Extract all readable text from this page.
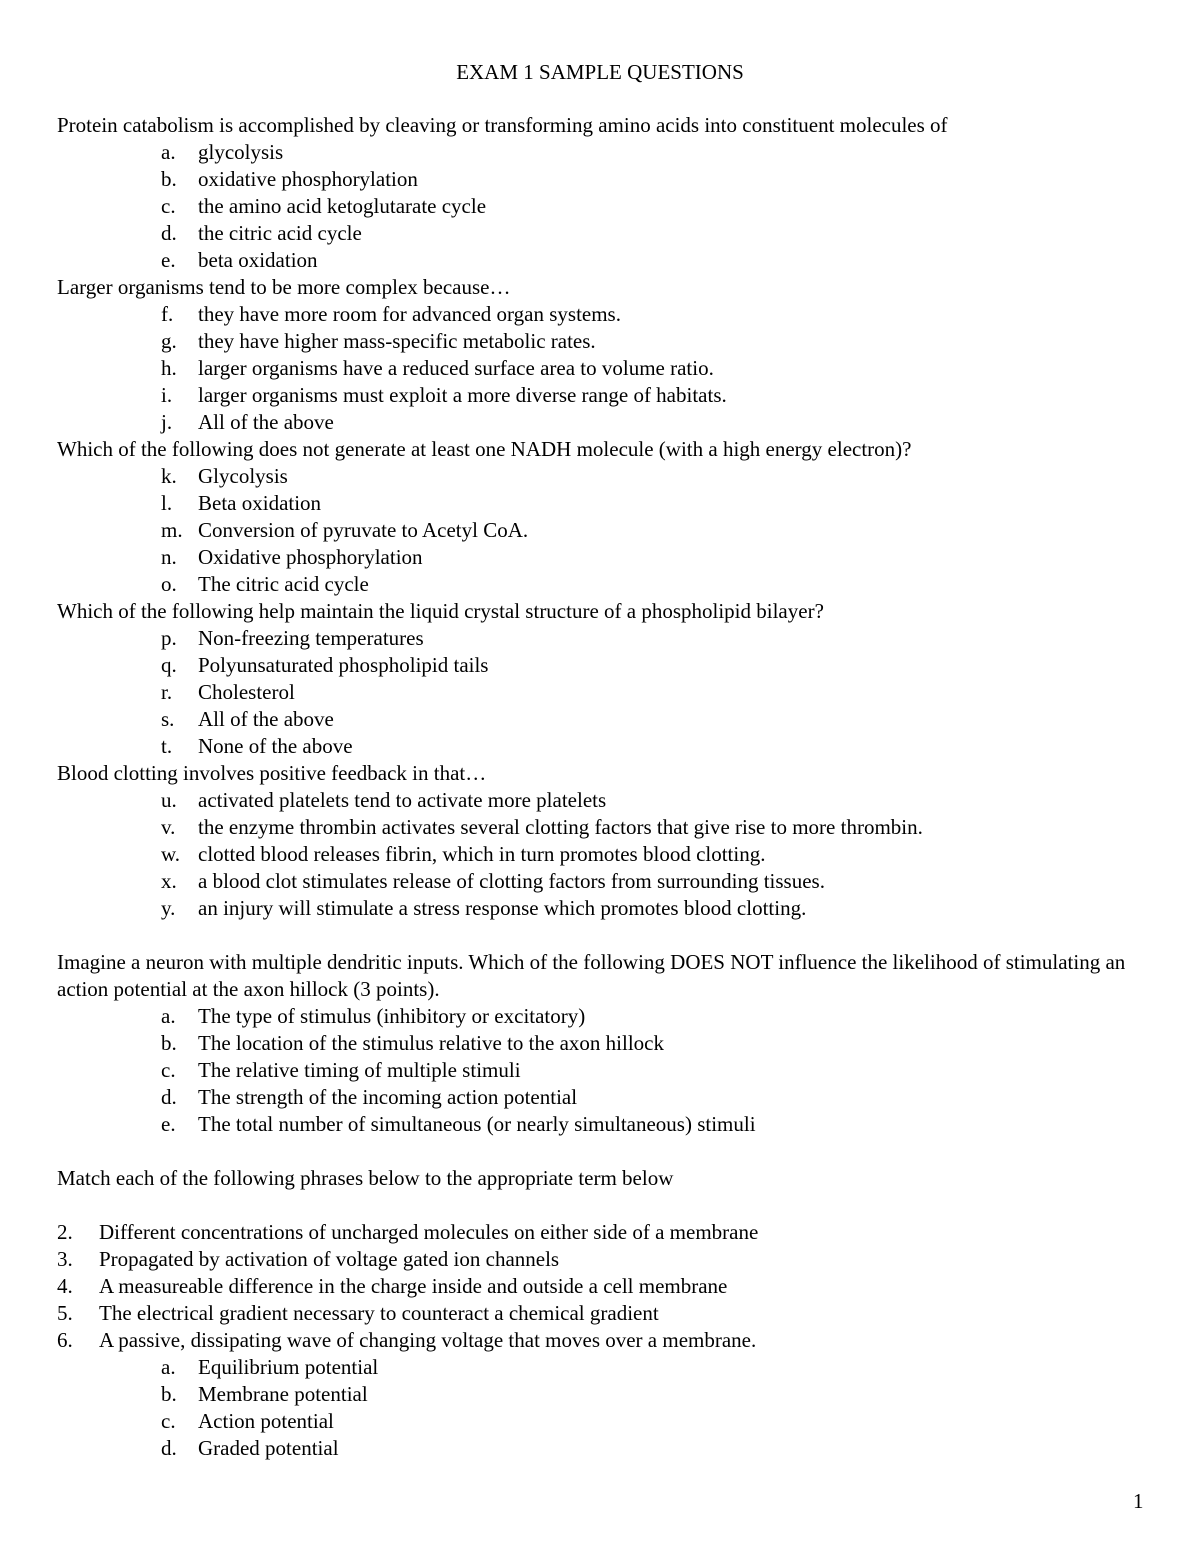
EXAM 1 SAMPLE QUESTIONS
Protein catabolism is accomplished by cleaving or transforming amino acids into constituent molecules of
a. glycolysis
b. oxidative phosphorylation
c. the amino acid ketoglutarate cycle
d. the citric acid cycle
e. beta oxidation
Larger organisms tend to be more complex because…
f. they have more room for advanced organ systems.
g. they have higher mass-specific metabolic rates.
h. larger organisms have a reduced surface area to volume ratio.
i. larger organisms must exploit a more diverse range of habitats.
j. All of the above
Which of the following does not generate at least one NADH molecule (with a high energy electron)?
k. Glycolysis
l. Beta oxidation
m. Conversion of pyruvate to Acetyl CoA.
n. Oxidative phosphorylation
o. The citric acid cycle
Which of the following help maintain the liquid crystal structure of a phospholipid bilayer?
p. Non-freezing temperatures
q. Polyunsaturated phospholipid tails
r. Cholesterol
s. All of the above
t. None of the above
Blood clotting involves positive feedback in that…
u. activated platelets tend to activate more platelets
v. the enzyme thrombin activates several clotting factors that give rise to more thrombin.
w. clotted blood releases fibrin, which in turn promotes blood clotting.
x. a blood clot stimulates release of clotting factors from surrounding tissues.
y. an injury will stimulate a stress response which promotes blood clotting.
Imagine a neuron with multiple dendritic inputs. Which of the following DOES NOT influence the likelihood of stimulating an action potential at the axon hillock (3 points).
a. The type of stimulus (inhibitory or excitatory)
b. The location of the stimulus relative to the axon hillock
c. The relative timing of multiple stimuli
d. The strength of the incoming action potential
e. The total number of simultaneous (or nearly simultaneous) stimuli
Match each of the following phrases below to the appropriate term below
2. Different concentrations of uncharged molecules on either side of a membrane
3. Propagated by activation of voltage gated ion channels
4. A measureable difference in the charge inside and outside a cell membrane
5. The electrical gradient necessary to counteract a chemical gradient
6. A passive, dissipating wave of changing voltage that moves over a membrane.
a. Equilibrium potential
b. Membrane potential
c. Action potential
d. Graded potential
1
